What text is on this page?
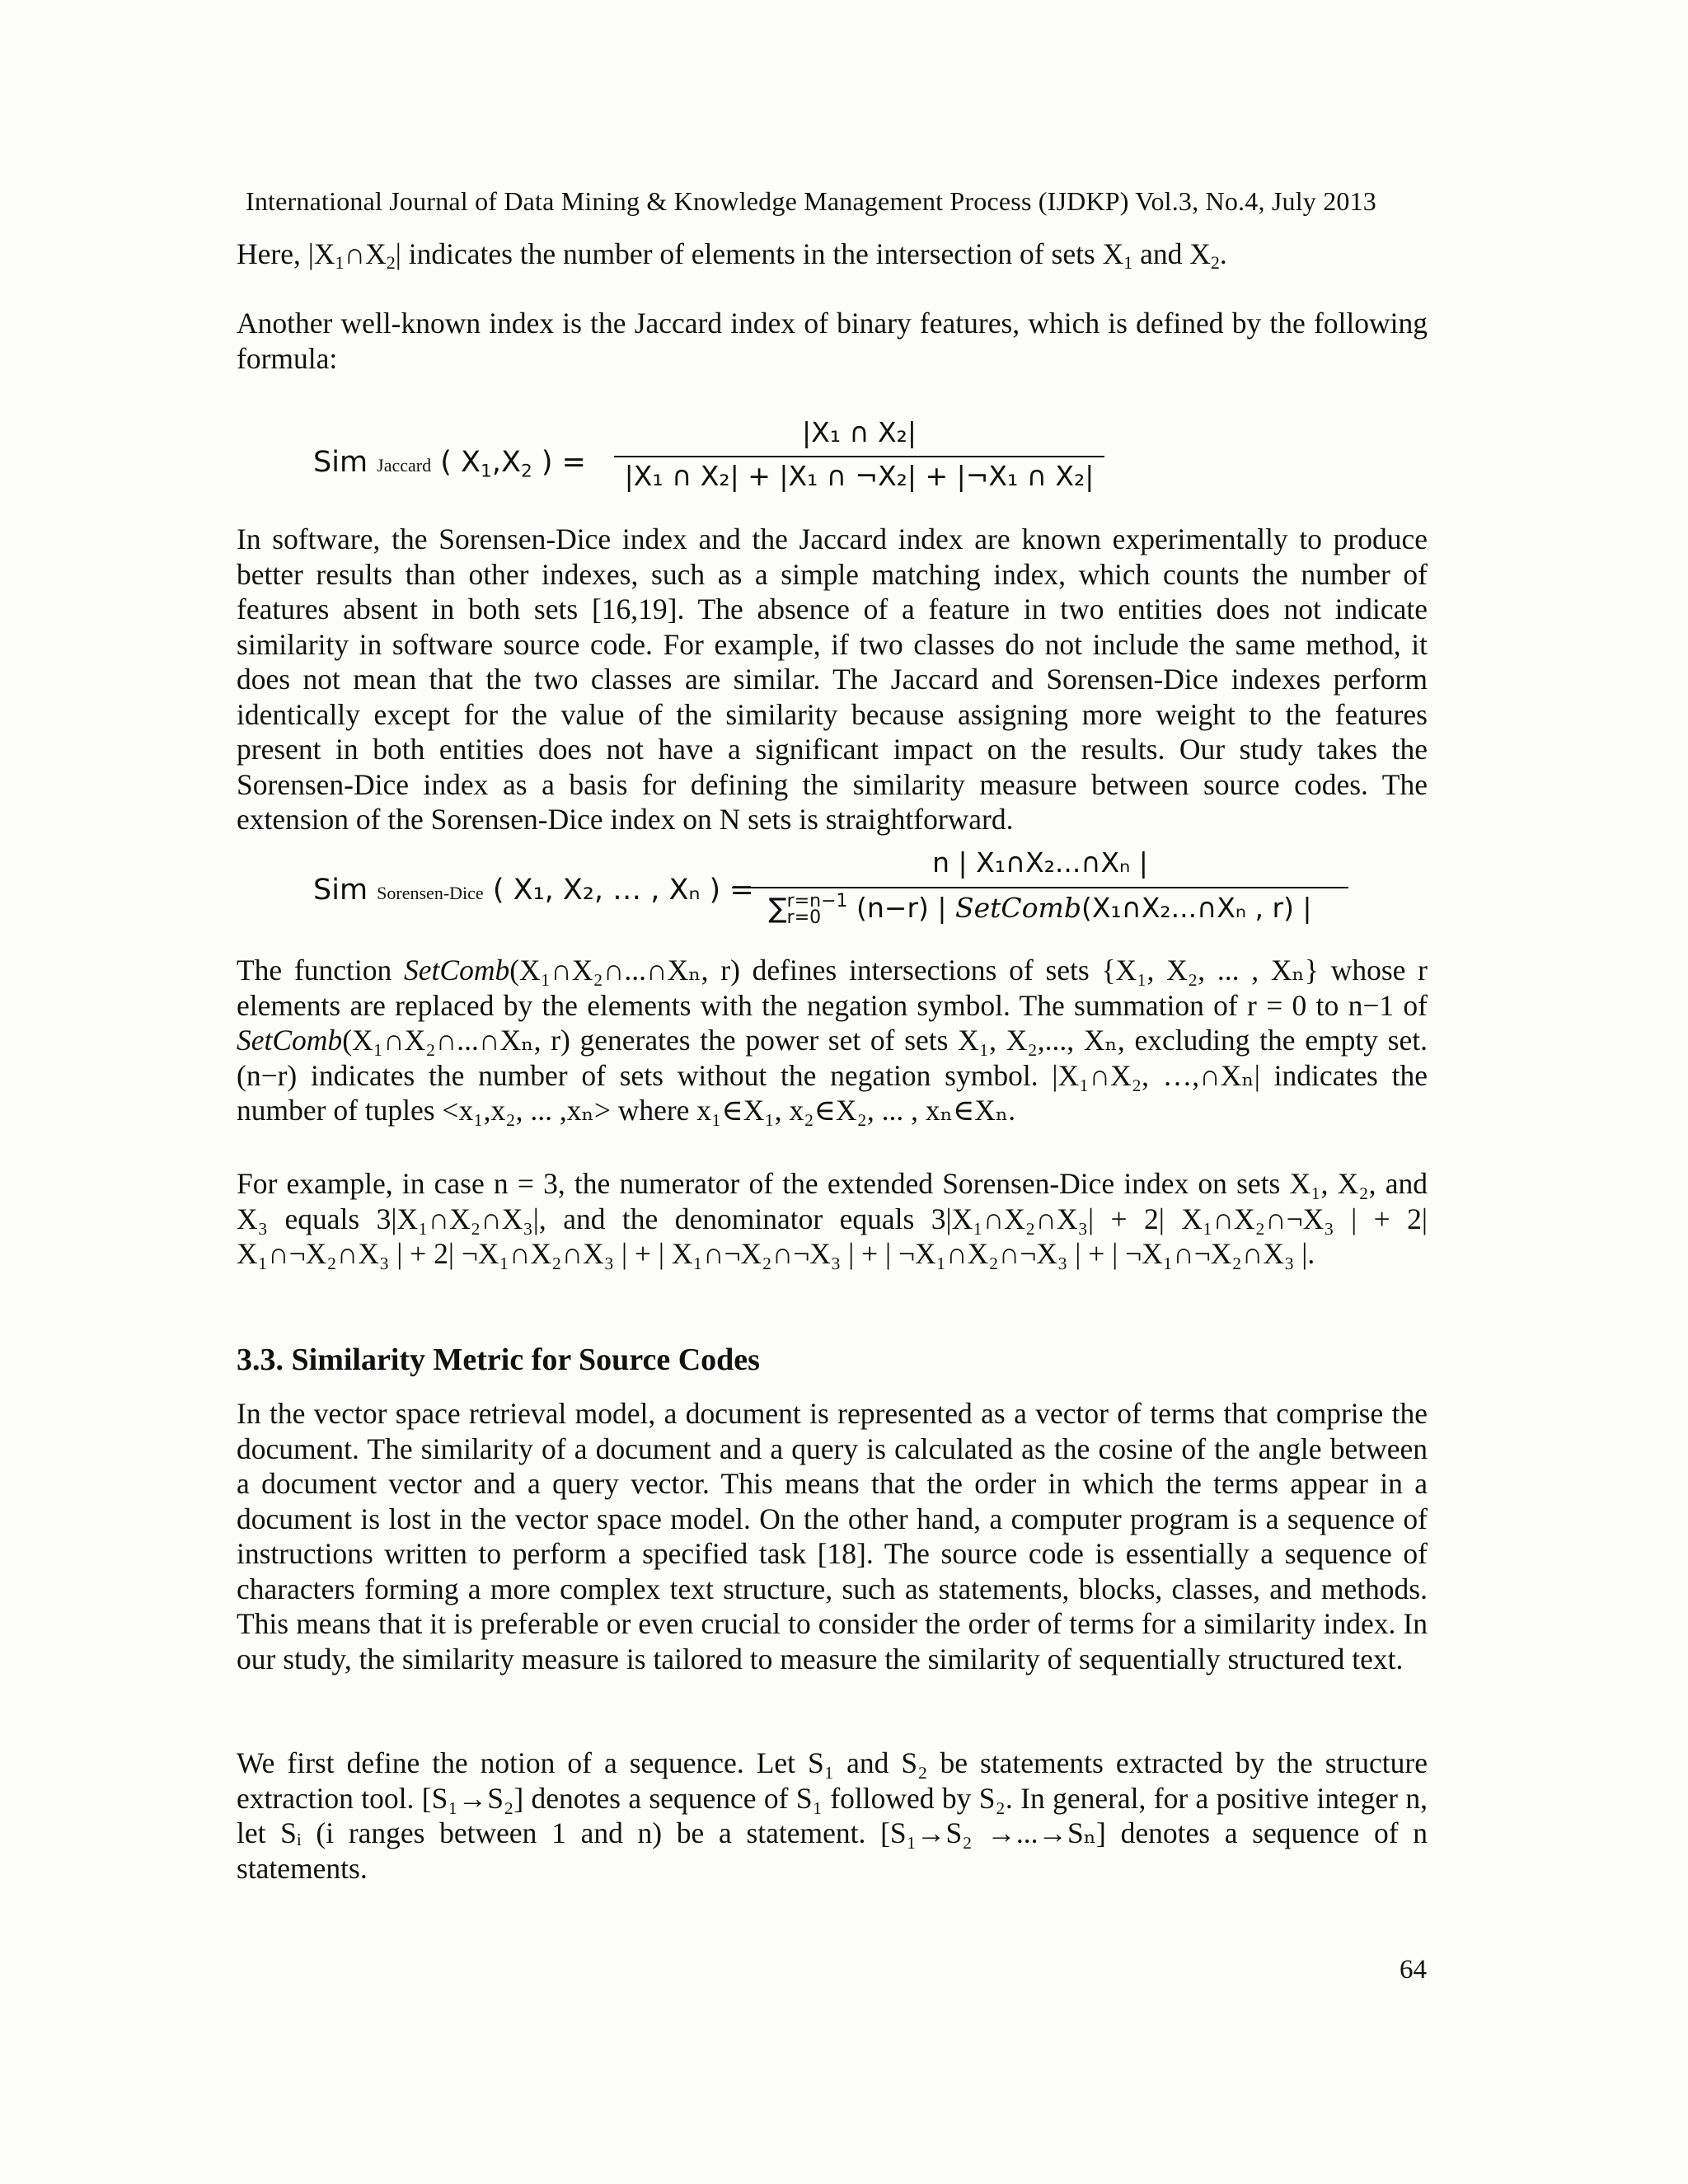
International Journal of Data Mining & Knowledge Management Process (IJDKP) Vol.3, No.4, July 2013
Here, $|X_1\cap X_2|$ indicates the number of elements in the intersection of sets $X_1$ and $X_2$.
Another well-known index is the Jaccard index of binary features, which is defined by the following formula:
Sim Jaccard ( $X_1,X_2$ ) =
|X₁ ∩ X₂|
|X₁ ∩ X₂| + |X₁ ∩ ¬X₂| + |¬X₁ ∩ X₂|
In software, the Sorensen-Dice index and the Jaccard index are known experimentally to produce better results than other indexes, such as a simple matching index, which counts the number of features absent in both sets [16,19]. The absence of a feature in two entities does not indicate similarity in software source code. For example, if two classes do not include the same method, it does not mean that the two classes are similar. The Jaccard and Sorensen-Dice indexes perform identically except for the value of the similarity because assigning more weight to the features present in both entities does not have a significant impact on the results. Our study takes the Sorensen-Dice index as a basis for defining the similarity measure between source codes. The extension of the Sorensen-Dice index on N sets is straightforward.
Sim Sorensen-Dice ( X₁, X₂, … , Xₙ ) =
n | X₁∩X₂...∩Xₙ |
∑ r=n−1
r=0 (n−r) | SetComb(X₁∩X₂...∩Xₙ , r) |
The function SetComb(X₁∩X₂∩...∩Xₙ, r) defines intersections of sets {X₁, X₂, ... , Xₙ} whose r elements are replaced by the elements with the negation symbol. The summation of r = 0 to n−1 of SetComb(X₁∩X₂∩...∩Xₙ, r) generates the power set of sets X₁, X₂,..., Xₙ, excluding the empty set. (n−r) indicates the number of sets without the negation symbol. |X₁∩X₂, …,∩Xₙ| indicates the number of tuples <x₁,x₂, ... ,xₙ> where x₁∈X₁, x₂∈X₂, ... , xₙ∈Xₙ.
For example, in case n = 3, the numerator of the extended Sorensen-Dice index on sets X₁, X₂, and X₃ equals 3|X₁∩X₂∩X₃|, and the denominator equals 3|X₁∩X₂∩X₃| + 2| X₁∩X₂∩¬X₃ | + 2| X₁∩¬X₂∩X₃ | + 2| ¬X₁∩X₂∩X₃ | + | X₁∩¬X₂∩¬X₃ | + | ¬X₁∩X₂∩¬X₃ | + | ¬X₁∩¬X₂∩X₃ |.
3.3. Similarity Metric for Source Codes
In the vector space retrieval model, a document is represented as a vector of terms that comprise the document. The similarity of a document and a query is calculated as the cosine of the angle between a document vector and a query vector. This means that the order in which the terms appear in a document is lost in the vector space model. On the other hand, a computer program is a sequence of instructions written to perform a specified task [18]. The source code is essentially a sequence of characters forming a more complex text structure, such as statements, blocks, classes, and methods. This means that it is preferable or even crucial to consider the order of terms for a similarity index. In our study, the similarity measure is tailored to measure the similarity of sequentially structured text.
We first define the notion of a sequence. Let S₁ and S₂ be statements extracted by the structure extraction tool. [S₁→S₂] denotes a sequence of S₁ followed by S₂. In general, for a positive integer n, let Sᵢ (i ranges between 1 and n) be a statement. [S₁→S₂ →...→Sₙ] denotes a sequence of n statements.
64
